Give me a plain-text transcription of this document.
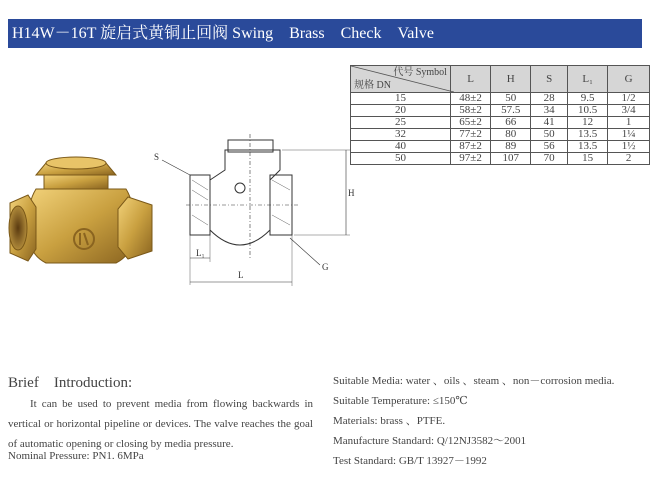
H14W－16T 旋启式黄铜止回阀 Swing　Brass　Check　Valve
S
H
L₁
L
G
代号 Symbol
规格 DN	L	H	S	L₁	G
15	48±2	50	28	9.5	1/2
20	58±2	57.5	34	10.5	3/4
25	65±2	66	41	12	1
32	77±2	80	50	13.5	1¼
40	87±2	89	56	13.5	1½
50	97±2	107	70	15	2
Brief　Introduction:
It can be used to prevent media from flowing backwards in vertical or horizontal pipeline or devices. The valve reaches the goal of automatic opening or closing by media pressure.
Nominal Pressure: PN1. 6MPa
Suitable Media: water 、oils 、steam 、non－corrosion media.
Suitable Temperature: ≤150℃
Materials: brass 、PTFE.
Manufacture Standard: Q/12NJ3582～2001
Test Standard: GB/T 13927－1992
